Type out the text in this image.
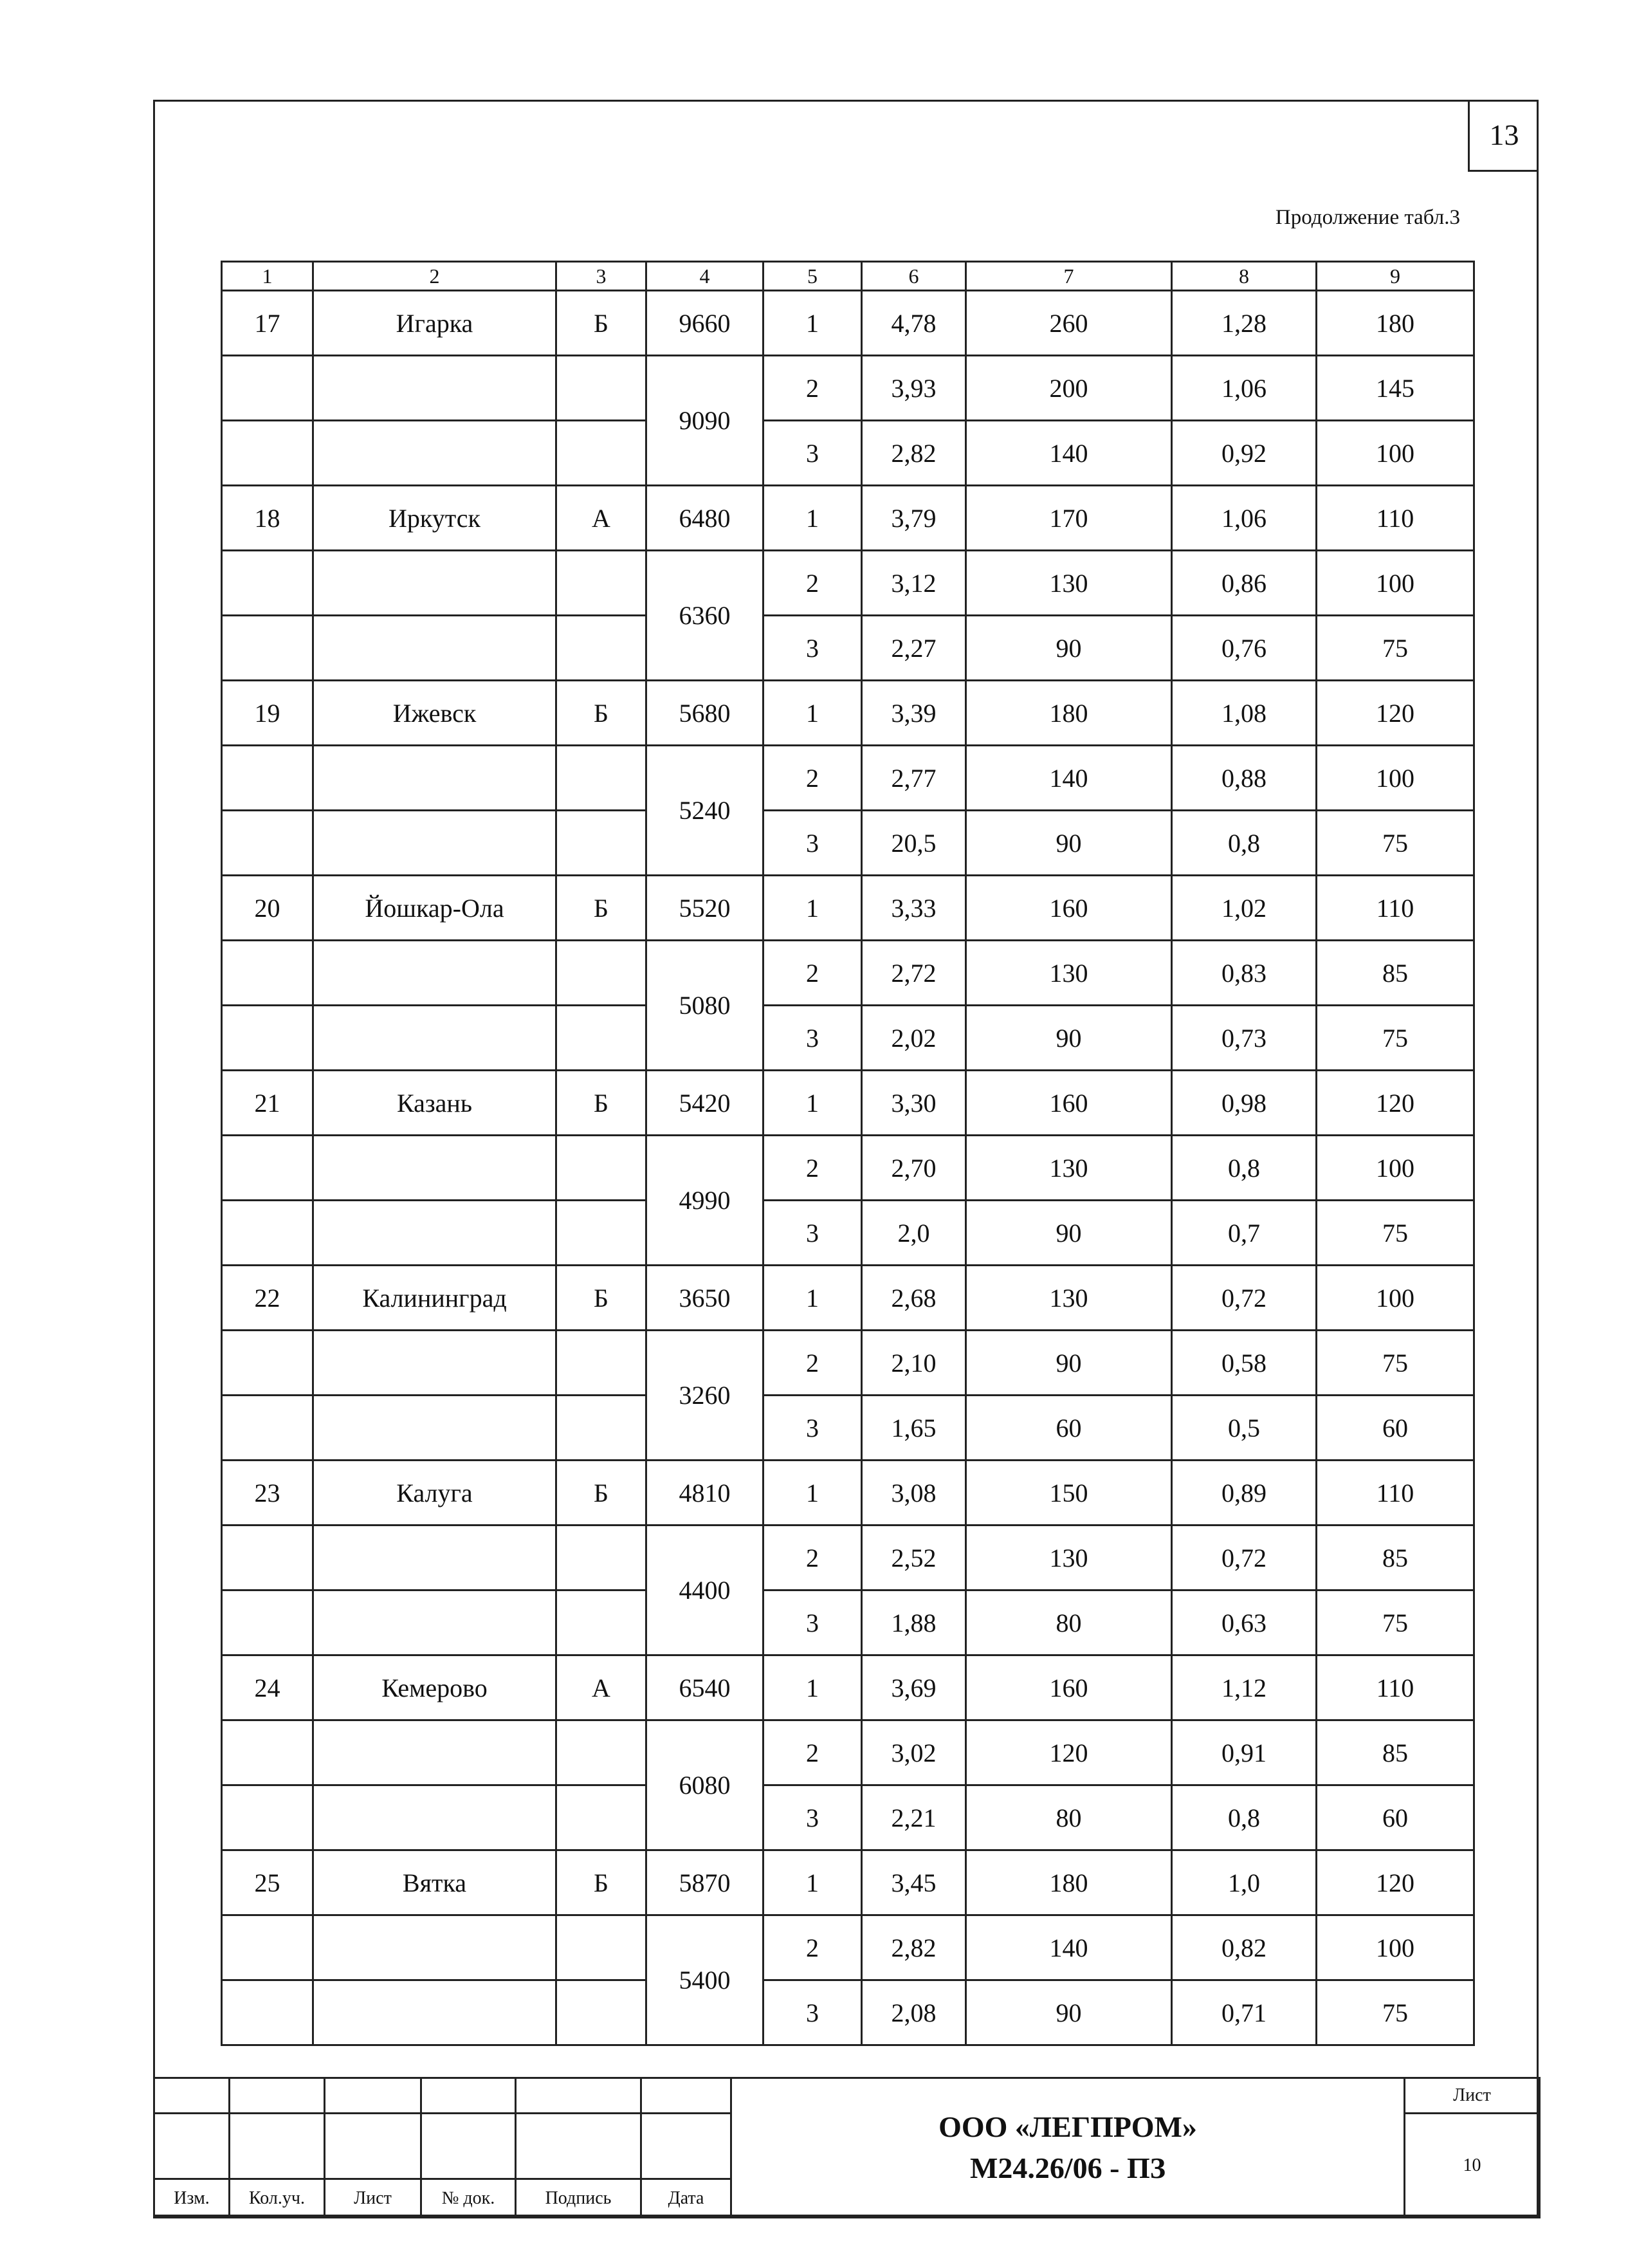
13
Продолжение табл.3
1	2	3	4	5	6	7	8	9
17	Игарка	Б	9660	1	4,78	260	1,28	180
			9090	2	3,93	200	1,06	145
				3	2,82	140	0,92	100
18	Иркутск	А	6480	1	3,79	170	1,06	110
			6360	2	3,12	130	0,86	100
				3	2,27	90	0,76	75
19	Ижевск	Б	5680	1	3,39	180	1,08	120
			5240	2	2,77	140	0,88	100
				3	20,5	90	0,8	75
20	Йошкар-Ола	Б	5520	1	3,33	160	1,02	110
			5080	2	2,72	130	0,83	85
				3	2,02	90	0,73	75
21	Казань	Б	5420	1	3,30	160	0,98	120
			4990	2	2,70	130	0,8	100
				3	2,0	90	0,7	75
22	Калининград	Б	3650	1	2,68	130	0,72	100
			3260	2	2,10	90	0,58	75
				3	1,65	60	0,5	60
23	Калуга	Б	4810	1	3,08	150	0,89	110
			4400	2	2,52	130	0,72	85
				3	1,88	80	0,63	75
24	Кемерово	А	6540	1	3,69	160	1,12	110
			6080	2	3,02	120	0,91	85
				3	2,21	80	0,8	60
25	Вятка	Б	5870	1	3,45	180	1,0	120
			5400	2	2,82	140	0,82	100
				3	2,08	90	0,71	75

						ООО «ЛЕГПРОМ»
М24.26/06 - ПЗ	Лист
							10
Изм.	Кол.уч.	Лист	№ док.	Подпись	Дата		
